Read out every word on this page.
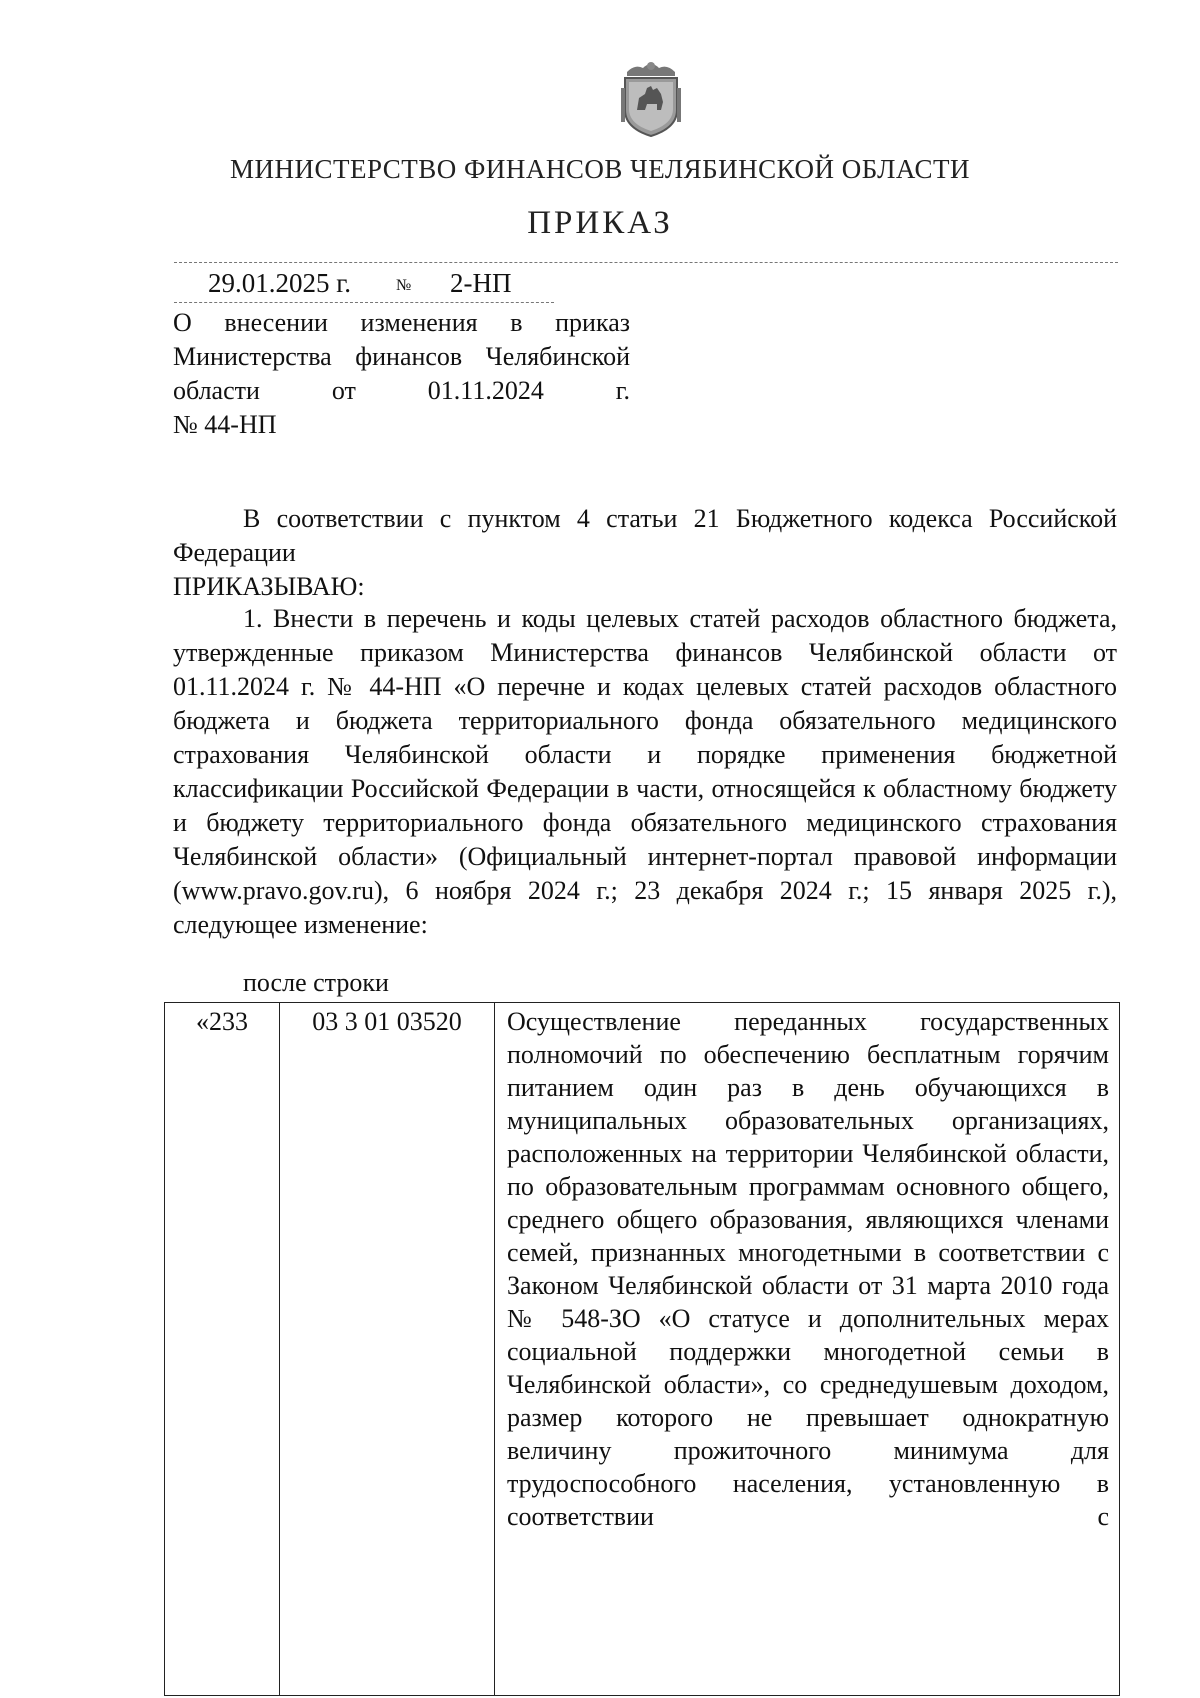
МИНИСТЕРСТВО ФИНАНСОВ ЧЕЛЯБИНСКОЙ ОБЛАСТИ
ПРИКАЗ
29.01.2025 г.	№ 2-НП
О внесении изменения в приказ Министерства финансов Челябинской области от 01.11.2024 г.
№ 44-НП
В соответствии с пунктом 4 статьи 21 Бюджетного кодекса Российской Федерации
ПРИКАЗЫВАЮ:
1. Внести в перечень и коды целевых статей расходов областного бюджета, утвержденные приказом Министерства финансов Челябинской области от 01.11.2024 г. № 44-НП «О перечне и кодах целевых статей расходов областного бюджета и бюджета территориального фонда обязательного медицинского страхования Челябинской области и порядке применения бюджетной классификации Российской Федерации в части, относящейся к областному бюджету и бюджету территориального фонда обязательного медицинского страхования Челябинской области» (Официальный интернет-портал правовой информации (www.pravo.gov.ru), 6 ноября 2024 г.; 23 декабря 2024 г.; 15 января 2025 г.), следующее изменение:
после строки
«233	03 3 01 03520	Осуществление переданных государственных полномочий по обеспечению бесплатным горячим питанием один раз в день обучающихся в муниципальных образовательных организациях, расположенных на территории Челябинской области, по образовательным программам основного общего, среднего общего образования, являющихся членами семей, признанных многодетными в соответствии с Законом Челябинской области от 31 марта 2010 года № 548-ЗО «О статусе и дополнительных мерах социальной поддержки многодетной семьи в Челябинской области», со среднедушевым доходом, размер которого не превышает однократную величину прожиточного минимума для трудоспособного населения, установленную в соответствии с
